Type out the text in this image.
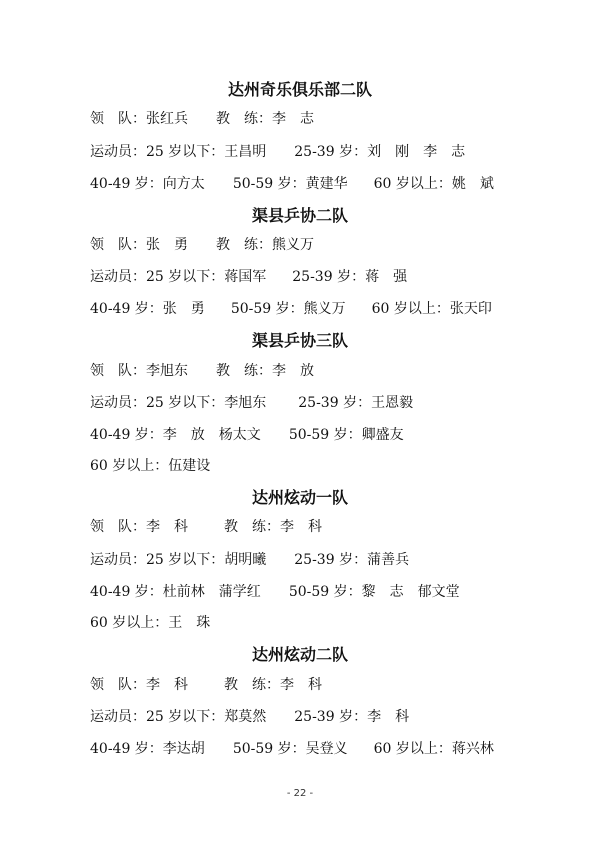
达州奇乐俱乐部二队
领　队：张红兵 教　练：李　志
运动员：25 岁以下：王昌明 25-39 岁：刘　刚　李　志
40-49 岁：向方太 50-59 岁：黄建华 60 岁以上：姚　斌
渠县乒协二队
领　队：张　勇 教　练：熊义万
运动员：25 岁以下：蒋国军 25-39 岁：蒋　强
40-49 岁：张　勇 50-59 岁：熊义万 60 岁以上：张天印
渠县乒协三队
领　队：李旭东 教　练：李　放
运动员：25 岁以下：李旭东 25-39 岁：王恩毅
40-49 岁：李　放　杨太文 50-59 岁：卿盛友
60 岁以上：伍建设
达州炫动一队
领　队：李　科	教　练：李　科
运动员：25 岁以下：胡明曦 25-39 岁：蒲善兵
40-49 岁：杜前林　蒲学红 50-59 岁：黎　志　郁文堂
60 岁以上：王　珠
达州炫动二队
领　队：李　科	教　练：李　科
运动员：25 岁以下：郑莫然 25-39 岁：李　科
40-49 岁：李达胡 50-59 岁：吴登义 60 岁以上：蒋兴林
- 22 -
